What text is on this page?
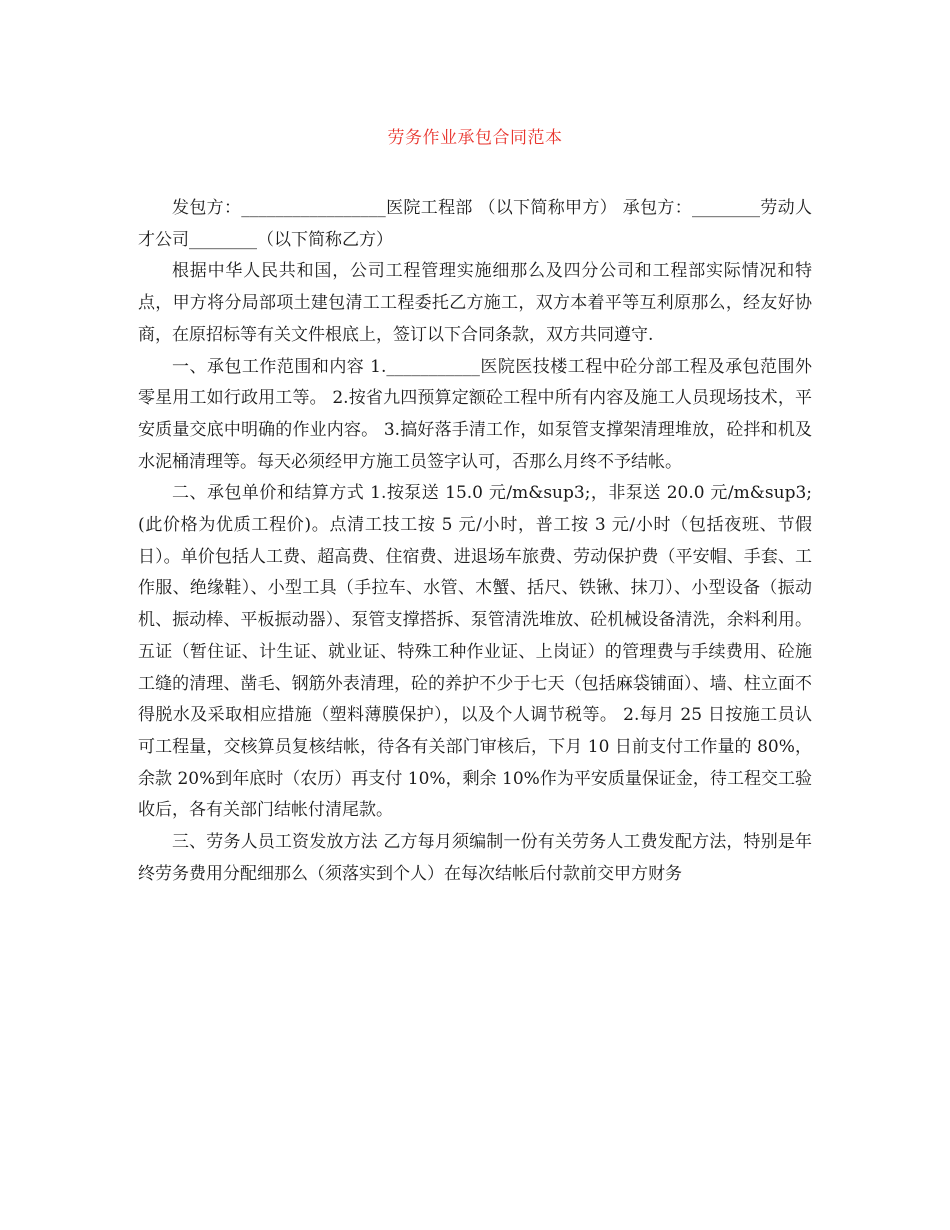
劳务作业承包合同范本

发包方：_________________医院工程部 （以下简称甲方） 承包方：________劳动人才公司________（以下简称乙方）

根据中华人民共和国，公司工程管理实施细那么及四分公司和工程部实际情况和特点，甲方将分局部项土建包清工工程委托乙方施工，双方本着平等互利原那么，经友好协商，在原招标等有关文件根底上，签订以下合同条款，双方共同遵守.

一、承包工作范围和内容 1.___________医院医技楼工程中砼分部工程及承包范围外零星用工如行政用工等。 2.按省九四预算定额砼工程中所有内容及施工人员现场技术，平安质量交底中明确的作业内容。 3.搞好落手清工作，如泵管支撑架清理堆放，砼拌和机及水泥桶清理等。每天必须经甲方施工员签字认可，否那么月终不予结帐。

二、承包单价和结算方式 1.按泵送 15.0 元/m&sup3;，非泵送 20.0 元/m&sup3;(此价格为优质工程价)。点清工技工按 5 元/小时，普工按 3 元/小时（包括夜班、节假日）。单价包括人工费、超高费、住宿费、进退场车旅费、劳动保护费（平安帽、手套、工作服、绝缘鞋）、小型工具（手拉车、水管、木蟹、括尺、铁锹、抹刀）、小型设备（振动机、振动棒、平板振动器）、泵管支撑搭拆、泵管清洗堆放、砼机械设备清洗，余料利用。五证（暂住证、计生证、就业证、特殊工种作业证、上岗证）的管理费与手续费用、砼施工缝的清理、凿毛、钢筋外表清理，砼的养护不少于七天（包括麻袋铺面）、墙、柱立面不得脱水及采取相应措施（塑料薄膜保护），以及个人调节税等。 2.每月 25 日按施工员认可工程量，交核算员复核结帐，待各有关部门审核后，下月 10 日前支付工作量的 80%，余款 20%到年底时（农历）再支付 10%，剩余 10%作为平安质量保证金，待工程交工验收后，各有关部门结帐付清尾款。

三、劳务人员工资发放方法 乙方每月须编制一份有关劳务人工费发配方法，特别是年终劳务费用分配细那么（须落实到个人）在每次结帐后付款前交甲方财务
